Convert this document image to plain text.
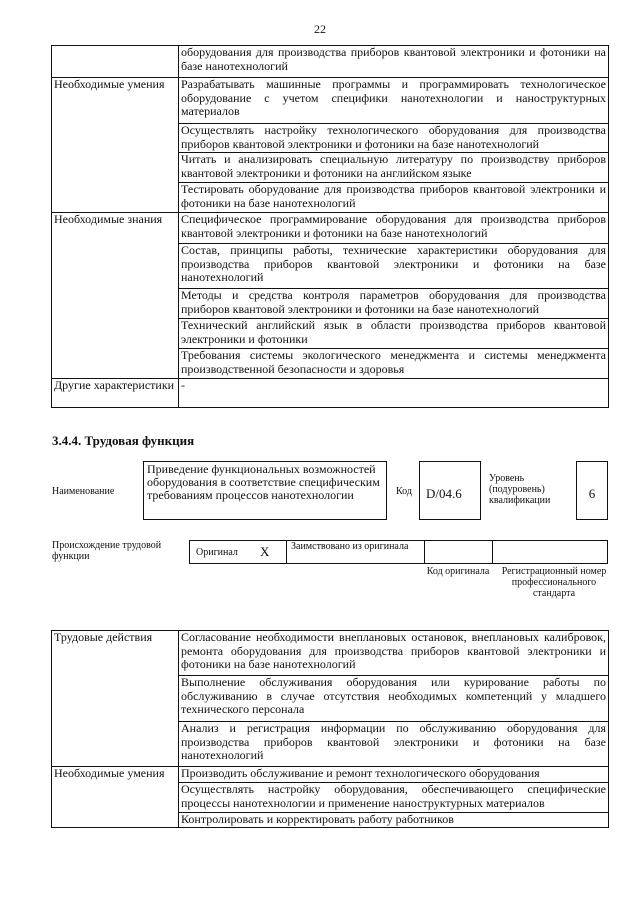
22
	оборудования для производства приборов квантовой электроники и фотоники на базе нанотехнологий
Необходимые умения	Разрабатывать машинные программы и программировать технологическое оборудование с учетом специфики нанотехнологии и наноструктурных материалов
	Осуществлять настройку технологического оборудования для производства приборов квантовой электроники и фотоники на базе нанотехнологий
	Читать и анализировать специальную литературу по производству приборов квантовой электроники и фотоники на английском языке
	Тестировать оборудование для производства приборов квантовой электроники и фотоники на базе нанотехнологий
Необходимые знания	Специфическое программирование оборудования для производства приборов квантовой электроники и фотоники на базе нанотехнологий
	Состав, принципы работы, технические характеристики оборудования для производства приборов квантовой электроники и фотоники на базе нанотехнологий
	Методы и средства контроля параметров оборудования для производства приборов квантовой электроники и фотоники на базе нанотехнологий
	Технический английский язык в области производства приборов квантовой электроники и фотоники
	Требования системы экологического менеджмента и системы менеджмента производственной безопасности и здоровья
Другие характеристики	-
3.4.4. Трудовая функция
Наименование
Приведение функциональных возможностей оборудования в соответствие специфическим требованиям процессов нанотехнологии	Код D/04.6
Уровень (подуровень) квалификации	6
Происхождение трудовой функции	Оригинал X Заимствовано из оригинала
Код оригинала Регистрационный номер профессионального стандарта
Трудовые действия	Согласование необходимости внеплановых остановок, внеплановых калибровок, ремонта оборудования для производства приборов квантовой электроники и фотоники на базе нанотехнологий
	Выполнение обслуживания оборудования или курирование работы по обслуживанию в случае отсутствия необходимых компетенций у младшего технического персонала
	Анализ и регистрация информации по обслуживанию оборудования для производства приборов квантовой электроники и фотоники на базе нанотехнологий
Необходимые умения	Производить обслуживание и ремонт технологического оборудования
	Осуществлять настройку оборудования, обеспечивающего специфические процессы нанотехнологии и применение наноструктурных материалов
	Контролировать и корректировать работу работников
